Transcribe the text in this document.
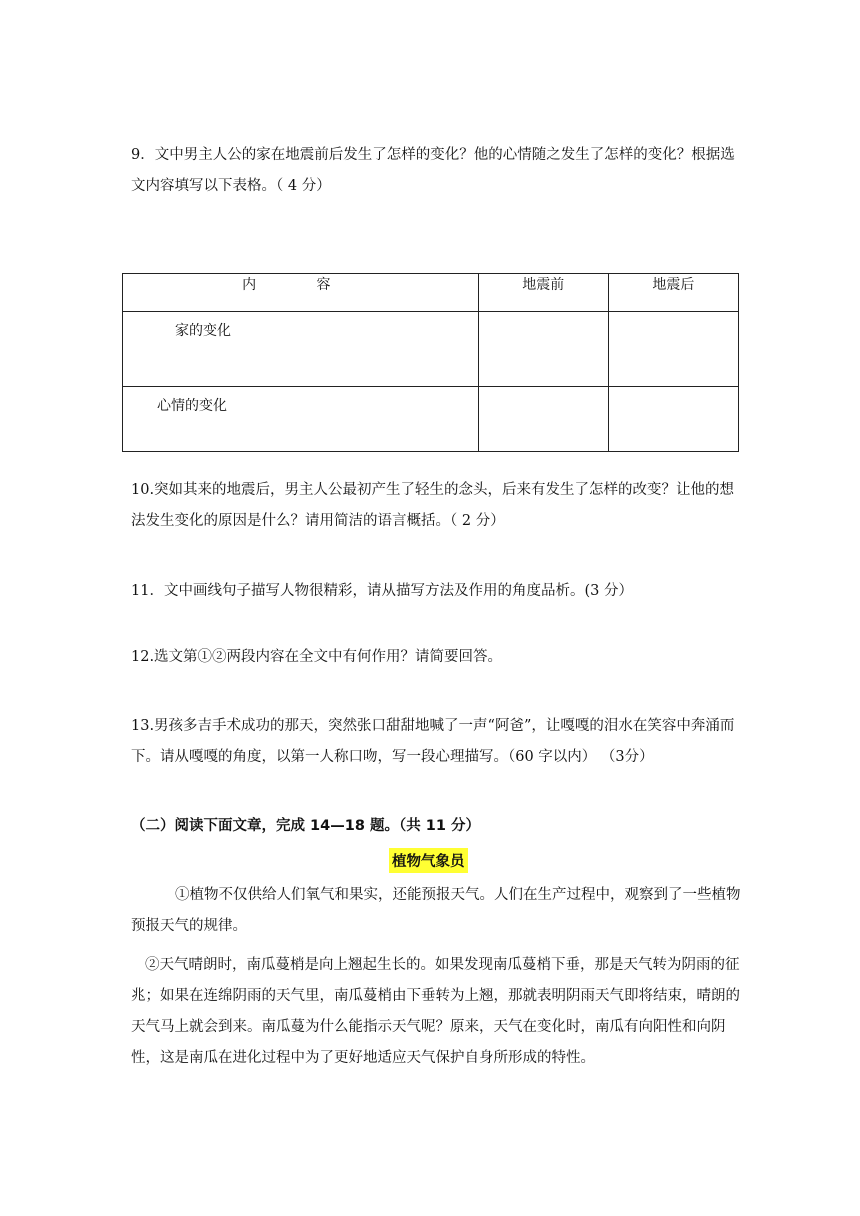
9．文中男主人公的家在地震前后发生了怎样的变化？他的心情随之发生了怎样的变化？根据选文内容填写以下表格。（ 4 分）

内 容	地震前	地震后
家的变化		
心情的变化		

10.突如其来的地震后，男主人公最初产生了轻生的念头，后来有发生了怎样的改变？让他的想法发生变化的原因是什么？请用简洁的语言概括。（ 2 分）

11．文中画线句子描写人物很精彩，请从描写方法及作用的角度品析。(3 分）

12.选文第①②两段内容在全文中有何作用？请简要回答。

13.男孩多吉手术成功的那天，突然张口甜甜地喊了一声“阿爸”，让嘎嘎的泪水在笑容中奔涌而下。请从嘎嘎的角度，以第一人称口吻，写一段心理描写。（60 字以内） （3分）

（二）阅读下面文章，完成 14—18 题。（共 11 分）

植物气象员

①植物不仅供给人们氧气和果实，还能预报天气。人们在生产过程中，观察到了一些植物预报天气的规律。

②天气晴朗时，南瓜蔓梢是向上翘起生长的。如果发现南瓜蔓梢下垂，那是天气转为阴雨的征兆；如果在连绵阴雨的天气里，南瓜蔓梢由下垂转为上翘，那就表明阴雨天气即将结束，晴朗的天气马上就会到来。南瓜蔓为什么能指示天气呢？原来，天气在变化时，南瓜有向阳性和向阴性，这是南瓜在进化过程中为了更好地适应天气保护自身所形成的特性。
